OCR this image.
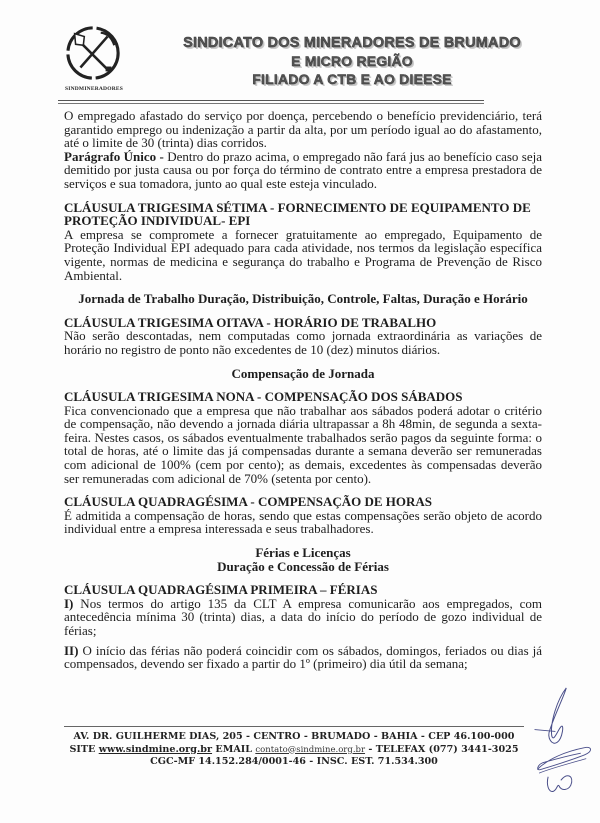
SINDMINERADORES
SINDICATO DOS MINERADORES DE BRUMADO
E MICRO REGIÃO
FILIADO A CTB E AO DIEESE

O empregado afastado do serviço por doença, percebendo o benefício previdenciário, terá garantido emprego ou indenização a partir da alta, por um período igual ao do afastamento, até o limite de 30 (trinta) dias corridos.

Parágrafo Único - Dentro do prazo acima, o empregado não fará jus ao benefício caso seja demitido por justa causa ou por força do término de contrato entre a empresa prestadora de serviços e sua tomadora, junto ao qual este esteja vinculado.

CLÁUSULA TRIGESIMA SÉTIMA - FORNECIMENTO DE EQUIPAMENTO DE PROTEÇÃO INDIVIDUAL- EPI

A empresa se compromete a fornecer gratuitamente ao empregado, Equipamento de Proteção Individual EPI adequado para cada atividade, nos termos da legislação específica vigente, normas de medicina e segurança do trabalho e Programa de Prevenção de Risco Ambiental.

Jornada de Trabalho Duração, Distribuição, Controle, Faltas, Duração e Horário

CLÁUSULA TRIGESIMA OITAVA - HORÁRIO DE TRABALHO

Não serão descontadas, nem computadas como jornada extraordinária as variações de horário no registro de ponto não excedentes de 10 (dez) minutos diários.

Compensação de Jornada

CLÁUSULA TRIGESIMA NONA - COMPENSAÇÃO DOS SÁBADOS

Fica convencionado que a empresa que não trabalhar aos sábados poderá adotar o critério de compensação, não devendo a jornada diária ultrapassar a 8h 48min, de segunda a sexta-feira. Nestes casos, os sábados eventualmente trabalhados serão pagos da seguinte forma: o total de horas, até o limite das já compensadas durante a semana deverão ser remuneradas com adicional de 100% (cem por cento); as demais, excedentes às compensadas deverão ser remuneradas com adicional de 70% (setenta por cento).

CLÁUSULA QUADRAGÉSIMA - COMPENSAÇÃO DE HORAS

É admitida a compensação de horas, sendo que estas compensações serão objeto de acordo individual entre a empresa interessada e seus trabalhadores.

Férias e Licenças

Duração e Concessão de Férias

CLÁUSULA QUADRAGÉSIMA PRIMEIRA – FÉRIAS

I) Nos termos do artigo 135 da CLT A empresa comunicarão aos empregados, com antecedência mínima 30 (trinta) dias, a data do início do período de gozo individual de férias;

II) O início das férias não poderá coincidir com os sábados, domingos, feriados ou dias já compensados, devendo ser fixado a partir do 1º (primeiro) dia útil da semana;

AV. DR. GUILHERME DIAS, 205 - CENTRO - BRUMADO - BAHIA - CEP 46.100-000
SITE www.sindmine.org.br EMAIL contato@sindmine.org.br - TELEFAX (077) 3441-3025
CGC-MF 14.152.284/0001-46 - INSC. EST. 71.534.300
